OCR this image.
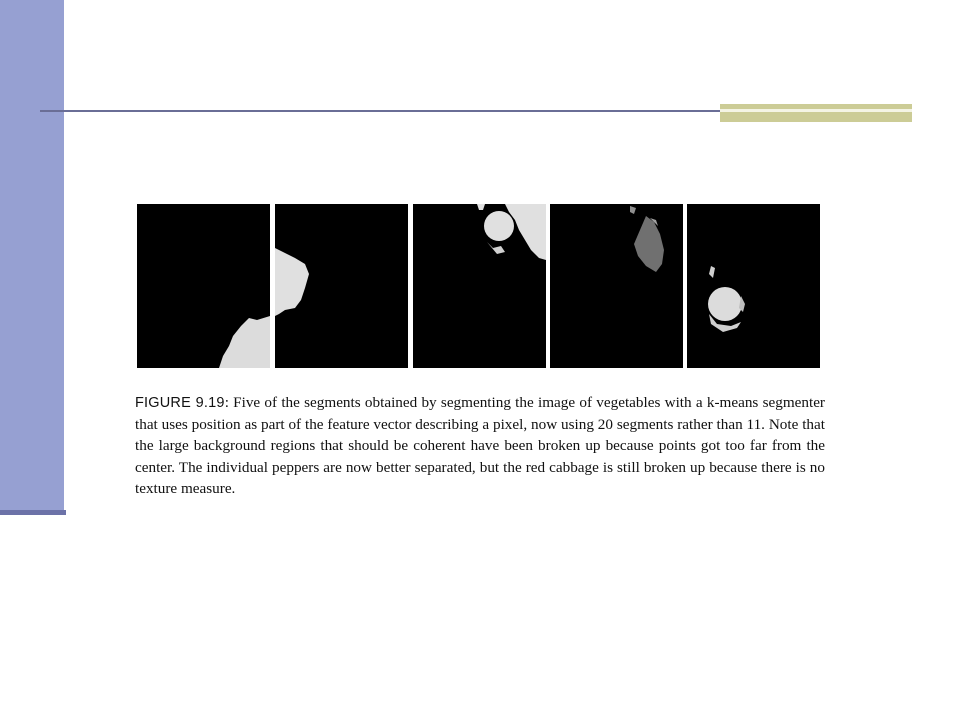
FIGURE 9.19: Five of the segments obtained by segmenting the image of vegetables with a k-means segmenter that uses position as part of the feature vector describing a pixel, now using 20 segments rather than 11. Note that the large background regions that should be coherent have been broken up because points got too far from the center. The individual peppers are now better separated, but the red cabbage is still broken up because there is no texture measure.
